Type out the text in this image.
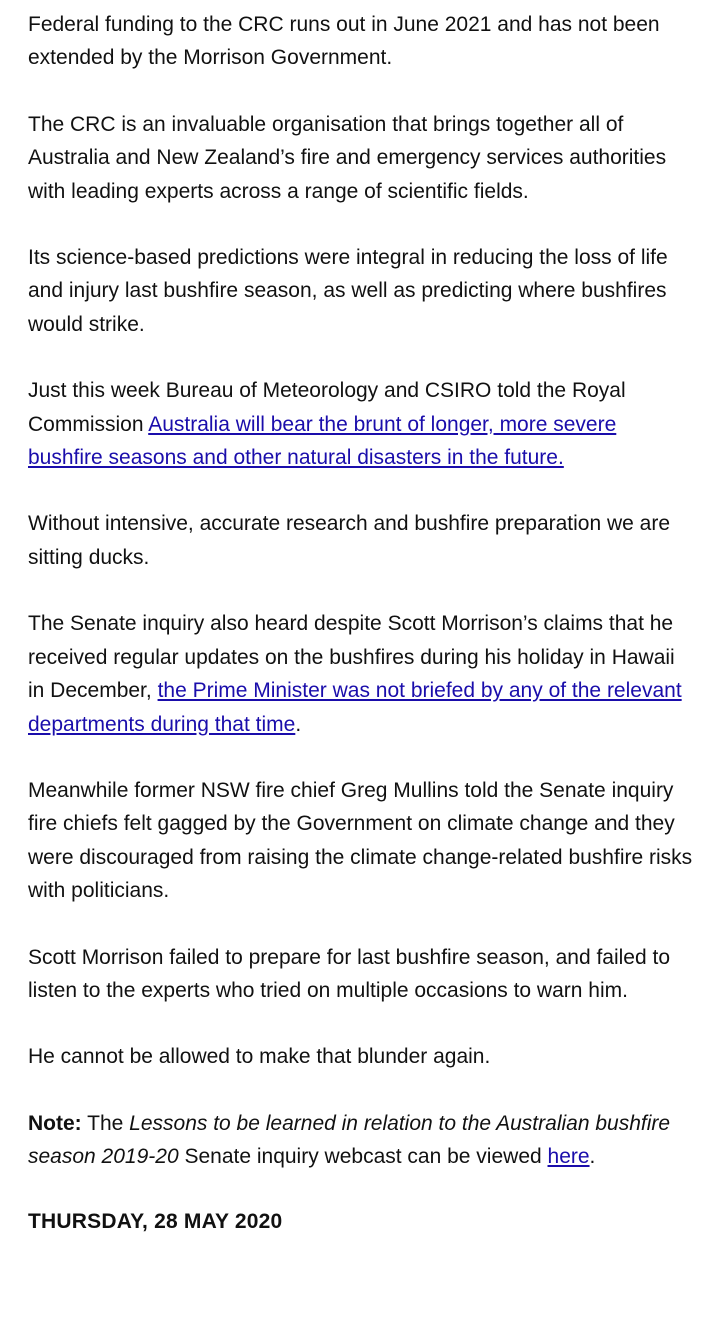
Federal funding to the CRC runs out in June 2021 and has not been extended by the Morrison Government.

The CRC is an invaluable organisation that brings together all of Australia and New Zealand’s fire and emergency services authorities with leading experts across a range of scientific fields.

Its science-based predictions were integral in reducing the loss of life and injury last bushfire season, as well as predicting where bushfires would strike.

Just this week Bureau of Meteorology and CSIRO told the Royal Commission Australia will bear the brunt of longer, more severe bushfire seasons and other natural disasters in the future.

Without intensive, accurate research and bushfire preparation we are sitting ducks.

The Senate inquiry also heard despite Scott Morrison’s claims that he received regular updates on the bushfires during his holiday in Hawaii in December, the Prime Minister was not briefed by any of the relevant departments during that time.

Meanwhile former NSW fire chief Greg Mullins told the Senate inquiry fire chiefs felt gagged by the Government on climate change and they were discouraged from raising the climate change-related bushfire risks with politicians.

Scott Morrison failed to prepare for last bushfire season, and failed to listen to the experts who tried on multiple occasions to warn him.

He cannot be allowed to make that blunder again.

Note: The Lessons to be learned in relation to the Australian bushfire season 2019-20 Senate inquiry webcast can be viewed here.

THURSDAY, 28 MAY 2020
